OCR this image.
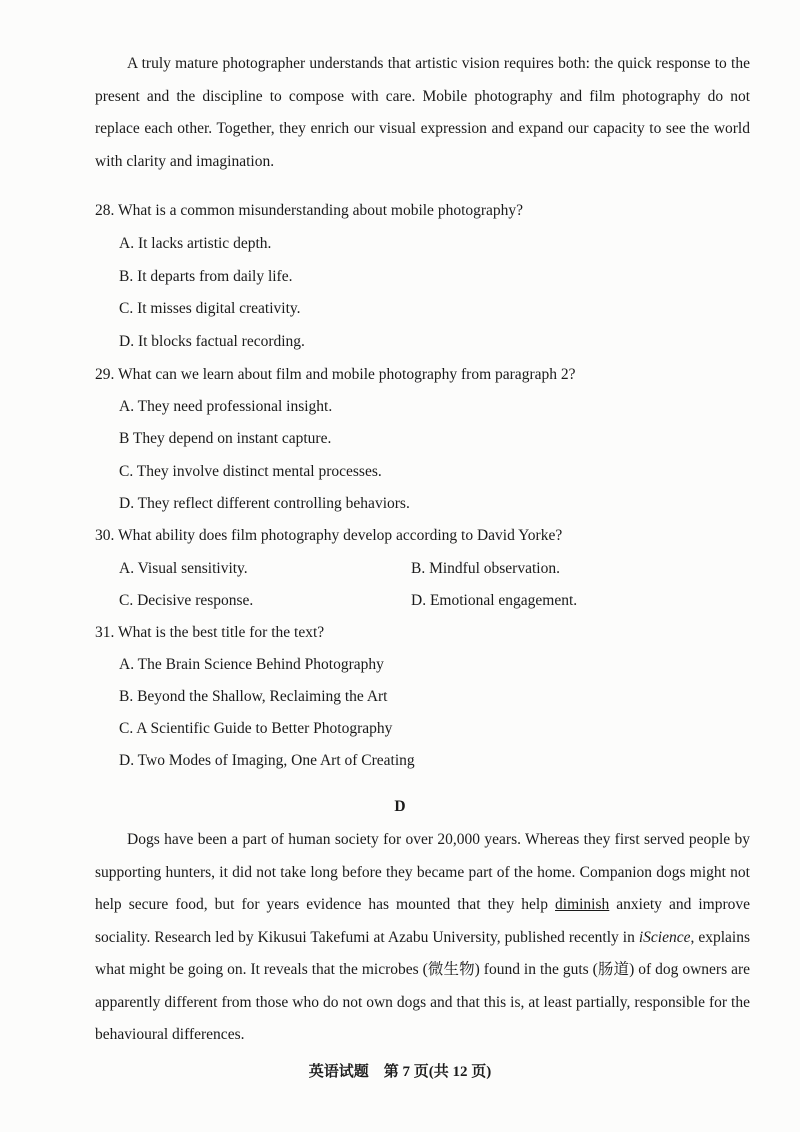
A truly mature photographer understands that artistic vision requires both: the quick response to the present and the discipline to compose with care. Mobile photography and film photography do not replace each other. Together, they enrich our visual expression and expand our capacity to see the world with clarity and imagination.

28. What is a common misunderstanding about mobile photography?

A. It lacks artistic depth.

B. It departs from daily life.

C. It misses digital creativity.

D. It blocks factual recording.

29. What can we learn about film and mobile photography from paragraph 2?

A. They need professional insight.

B They depend on instant capture.

C. They involve distinct mental processes.

D. They reflect different controlling behaviors.

30. What ability does film photography develop according to David Yorke?

A. Visual sensitivity.	B. Mindful observation.

C. Decisive response.	D. Emotional engagement.

31. What is the best title for the text?

A. The Brain Science Behind Photography

B. Beyond the Shallow, Reclaiming the Art

C. A Scientific Guide to Better Photography

D. Two Modes of Imaging, One Art of Creating

D

Dogs have been a part of human society for over 20,000 years. Whereas they first served people by supporting hunters, it did not take long before they became part of the home. Companion dogs might not help secure food, but for years evidence has mounted that they help diminish anxiety and improve sociality. Research led by Kikusui Takefumi at Azabu University, published recently in iScience, explains what might be going on. It reveals that the microbes (微生物) found in the guts (肠道) of dog owners are apparently different from those who do not own dogs and that this is, at least partially, responsible for the behavioural differences.

英语试题　第 7 页(共 12 页)
